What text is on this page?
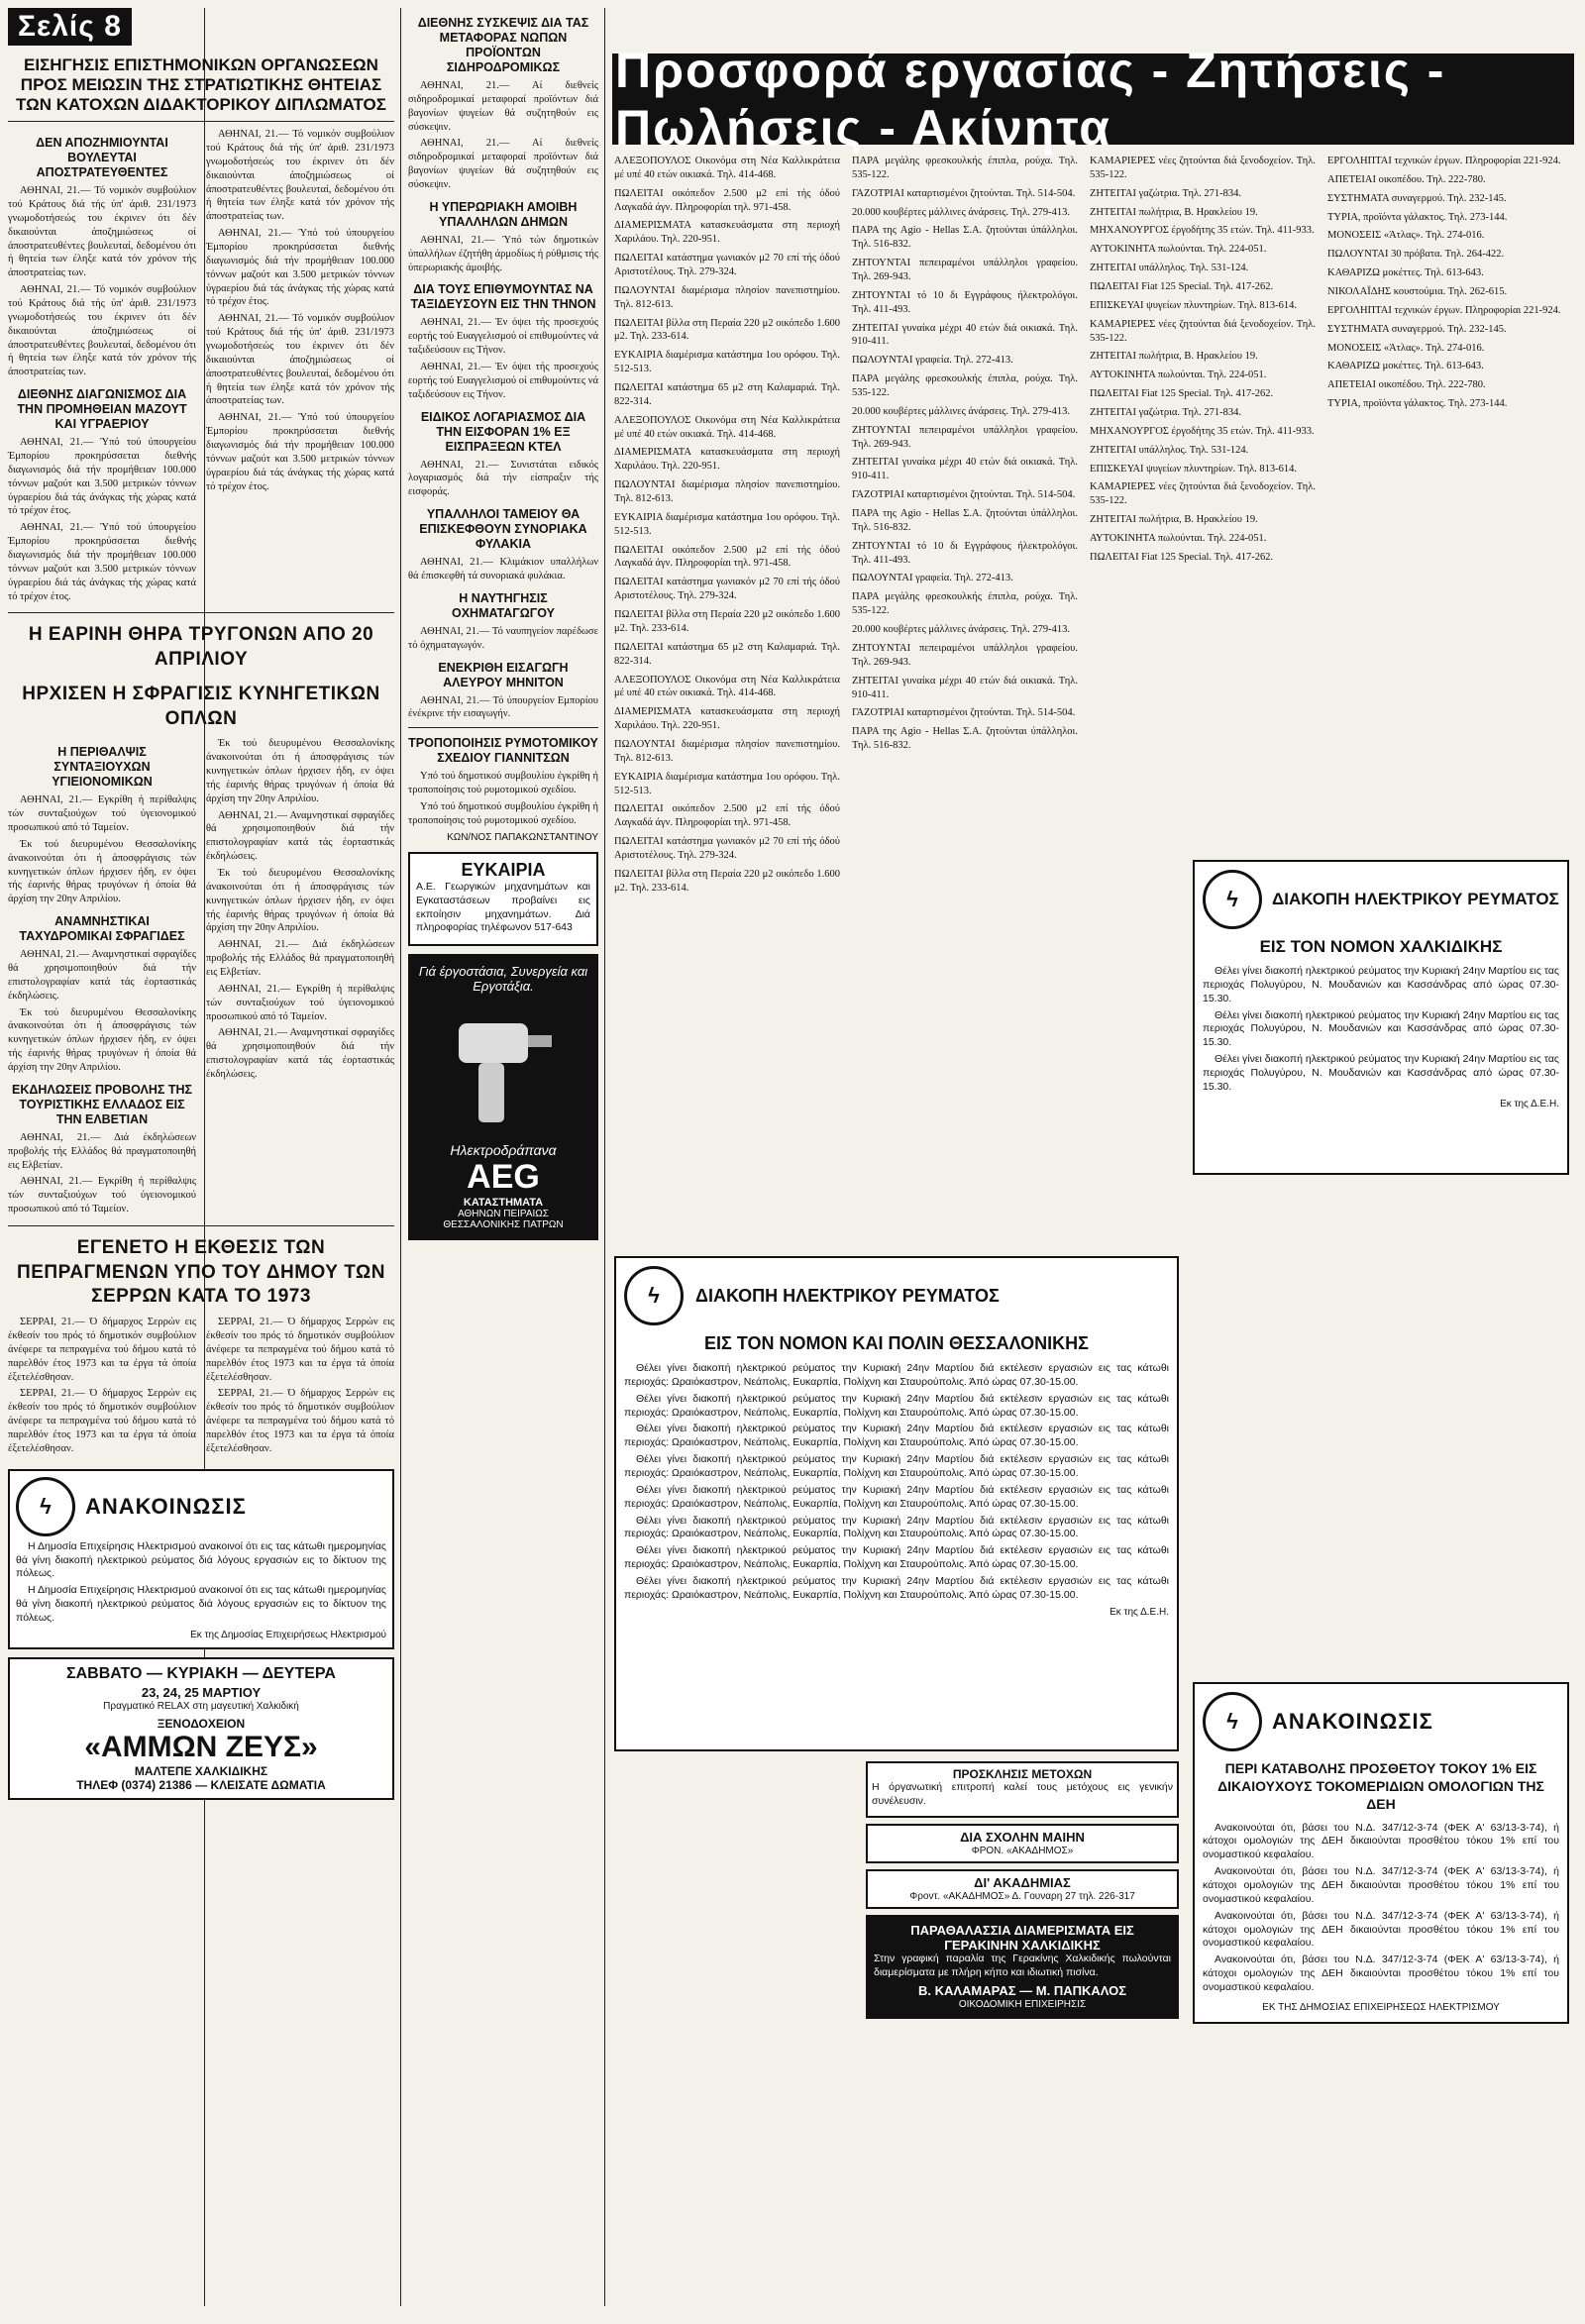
Σελίς 8
ΕΙΣΗΓΗΣΙΣ ΕΠΙΣΤΗΜΟΝΙΚΩΝ ΟΡΓΑΝΩΣΕΩΝ ΠΡΟΣ ΜΕΙΩΣΙΝ ΤΗΣ ΣΤΡΑΤΙΩΤΙΚΗΣ ΘΗΤΕΙΑΣ ΤΩΝ ΚΑΤΟΧΩΝ ΔΙΔΑΚΤΟΡΙΚΟΥ ΔΙΠΛΩΜΑΤΟΣ
ΔΕΝ ΑΠΟΖΗΜΙΟΥΝΤΑΙ ΒΟΥΛΕΥΤΑΙ ΑΠΟΣΤΡΑΤΕΥΘΕΝΤΕΣ

ΑΘΗΝΑΙ, 21.— Τό νομικόν συμβούλιον τού Κράτους διά τής ύπ' άριθ. 231/1973 γνωμοδοτήσεώς του έκρινεν ότι δέν δικαιούνται άποζημιώσεως οί άποστρατευθέντες βουλευταί, δεδομένου ότι ή θητεία των έληξε κατά τόν χρόνον τής άποστρατείας των.

ΑΘΗΝΑΙ, 21.— Τό νομικόν συμβούλιον τού Κράτους διά τής ύπ' άριθ. 231/1973 γνωμοδοτήσεώς του έκρινεν ότι δέν δικαιούνται άποζημιώσεως οί άποστρατευθέντες βουλευταί, δεδομένου ότι ή θητεία των έληξε κατά τόν χρόνον τής άποστρατείας των.

ΔΙΕΘΝΗΣ ΔΙΑΓΩΝΙΣΜΟΣ ΔΙΑ ΤΗΝ ΠΡΟΜΗΘΕΙΑΝ ΜΑΖΟΥΤ ΚΑΙ ΥΓΡΑΕΡΙΟΥ

ΑΘΗΝΑΙ, 21.— Ύπό τού ύπουργείου Έμπορίου προκηρύσσεται διεθνής διαγωνισμός διά τήν προμήθειαν 100.000 τόννων μαζούτ και 3.500 μετρικών τόννων ύγραερίου διά τάς άνάγκας τής χώρας κατά τό τρέχον έτος.

ΑΘΗΝΑΙ, 21.— Ύπό τού ύπουργείου Έμπορίου προκηρύσσεται διεθνής διαγωνισμός διά τήν προμήθειαν 100.000 τόννων μαζούτ και 3.500 μετρικών τόννων ύγραερίου διά τάς άνάγκας τής χώρας κατά τό τρέχον έτος.

ΑΘΗΝΑΙ, 21.— Τό νομικόν συμβούλιον τού Κράτους διά τής ύπ' άριθ. 231/1973 γνωμοδοτήσεώς του έκρινεν ότι δέν δικαιούνται άποζημιώσεως οί άποστρατευθέντες βουλευταί, δεδομένου ότι ή θητεία των έληξε κατά τόν χρόνον τής άποστρατείας των.

ΑΘΗΝΑΙ, 21.— Ύπό τού ύπουργείου Έμπορίου προκηρύσσεται διεθνής διαγωνισμός διά τήν προμήθειαν 100.000 τόννων μαζούτ και 3.500 μετρικών τόννων ύγραερίου διά τάς άνάγκας τής χώρας κατά τό τρέχον έτος.

ΑΘΗΝΑΙ, 21.— Τό νομικόν συμβούλιον τού Κράτους διά τής ύπ' άριθ. 231/1973 γνωμοδοτήσεώς του έκρινεν ότι δέν δικαιούνται άποζημιώσεως οί άποστρατευθέντες βουλευταί, δεδομένου ότι ή θητεία των έληξε κατά τόν χρόνον τής άποστρατείας των.

ΑΘΗΝΑΙ, 21.— Ύπό τού ύπουργείου Έμπορίου προκηρύσσεται διεθνής διαγωνισμός διά τήν προμήθειαν 100.000 τόννων μαζούτ και 3.500 μετρικών τόννων ύγραερίου διά τάς άνάγκας τής χώρας κατά τό τρέχον έτος.

Η ΕΑΡΙΝΗ ΘΗΡΑ ΤΡΥΓΟΝΩΝ ΑΠΟ 20 ΑΠΡΙΛΙΟΥ
ΗΡΧΙΣΕΝ Η ΣΦΡΑΓΙΣΙΣ ΚΥΝΗΓΕΤΙΚΩΝ ΟΠΛΩΝ
Η ΠΕΡΙΘΑΛΨΙΣ ΣΥΝΤΑΞΙΟΥΧΩΝ ΥΓΙΕΙΟΝΟΜΙΚΩΝ

ΑΘΗΝΑΙ, 21.— Εγκρίθη ή περίθαλψις τών συνταξιούχων τού ύγειονομικού προσωπικού από τό Ταμείον.

Έκ τού διευρυμένου Θεσσαλονίκης άνακοινούται ότι ή άποσφράγισις τών κυνηγετικών όπλων ήρχισεν ήδη, εν όψει τής έαρινής θήρας τρυγόνων ή όποία θά άρχίση την 20ην Απριλίου.

ΑΝΑΜΝΗΣΤΙΚΑΙ ΤΑΧΥΔΡΟΜΙΚΑΙ ΣΦΡΑΓΙΔΕΣ

ΑΘΗΝΑΙ, 21.— Αναμνηστικαί σφραγίδες θά χρησιμοποιηθούν διά τήν επιστολογραφίαν κατά τάς έορταστικάς έκδηλώσεις.

Έκ τού διευρυμένου Θεσσαλονίκης άνακοινούται ότι ή άποσφράγισις τών κυνηγετικών όπλων ήρχισεν ήδη, εν όψει τής έαρινής θήρας τρυγόνων ή όποία θά άρχίση την 20ην Απριλίου.

ΕΚΔΗΛΩΣΕΙΣ ΠΡΟΒΟΛΗΣ ΤΗΣ ΤΟΥΡΙΣΤΙΚΗΣ ΕΛΛΑΔΟΣ ΕΙΣ ΤΗΝ ΕΛΒΕΤΙΑΝ

ΑΘΗΝΑΙ, 21.— Διά έκδηλώσεων προβολής τής Ελλάδος θά πραγματοποιηθή εις Ελβετίαν.

ΑΘΗΝΑΙ, 21.— Εγκρίθη ή περίθαλψις τών συνταξιούχων τού ύγειονομικού προσωπικού από τό Ταμείον.

Έκ τού διευρυμένου Θεσσαλονίκης άνακοινούται ότι ή άποσφράγισις τών κυνηγετικών όπλων ήρχισεν ήδη, εν όψει τής έαρινής θήρας τρυγόνων ή όποία θά άρχίση την 20ην Απριλίου.

ΑΘΗΝΑΙ, 21.— Αναμνηστικαί σφραγίδες θά χρησιμοποιηθούν διά τήν επιστολογραφίαν κατά τάς έορταστικάς έκδηλώσεις.

Έκ τού διευρυμένου Θεσσαλονίκης άνακοινούται ότι ή άποσφράγισις τών κυνηγετικών όπλων ήρχισεν ήδη, εν όψει τής έαρινής θήρας τρυγόνων ή όποία θά άρχίση την 20ην Απριλίου.

ΑΘΗΝΑΙ, 21.— Διά έκδηλώσεων προβολής τής Ελλάδος θά πραγματοποιηθή εις Ελβετίαν.

ΑΘΗΝΑΙ, 21.— Εγκρίθη ή περίθαλψις τών συνταξιούχων τού ύγειονομικού προσωπικού από τό Ταμείον.

ΑΘΗΝΑΙ, 21.— Αναμνηστικαί σφραγίδες θά χρησιμοποιηθούν διά τήν επιστολογραφίαν κατά τάς έορταστικάς έκδηλώσεις.

ΕΓΕΝΕΤΟ Η ΕΚΘΕΣΙΣ ΤΩΝ ΠΕΠΡΑΓΜΕΝΩΝ ΥΠΟ ΤΟΥ ΔΗΜΟΥ ΤΩΝ ΣΕΡΡΩΝ ΚΑΤΑ ΤΟ 1973

ΣΕΡΡΑΙ, 21.— Ό δήμαρχος Σερρών εις έκθεσίν του πρός τό δημοτικόν συμβούλιον άνέφερε τα πεπραγμένα τού δήμου κατά τό παρελθόν έτος 1973 και τα έργα τά όποία έξετελέσθησαν.

ΣΕΡΡΑΙ, 21.— Ό δήμαρχος Σερρών εις έκθεσίν του πρός τό δημοτικόν συμβούλιον άνέφερε τα πεπραγμένα τού δήμου κατά τό παρελθόν έτος 1973 και τα έργα τά όποία έξετελέσθησαν.

ΣΕΡΡΑΙ, 21.— Ό δήμαρχος Σερρών εις έκθεσίν του πρός τό δημοτικόν συμβούλιον άνέφερε τα πεπραγμένα τού δήμου κατά τό παρελθόν έτος 1973 και τα έργα τά όποία έξετελέσθησαν.

ΣΕΡΡΑΙ, 21.— Ό δήμαρχος Σερρών εις έκθεσίν του πρός τό δημοτικόν συμβούλιον άνέφερε τα πεπραγμένα τού δήμου κατά τό παρελθόν έτος 1973 και τα έργα τά όποία έξετελέσθησαν.

ϟ ΑΝΑΚΟΙΝΩΣΙΣ

Η Δημοσία Επιχείρησις Ηλεκτρισμού ανακοινοί ότι εις τας κάτωθι ημερομηνίας θά γίνη διακοπή ηλεκτρικού ρεύματος διά λόγους εργασιών εις το δίκτυον της πόλεως.

Η Δημοσία Επιχείρησις Ηλεκτρισμού ανακοινοί ότι εις τας κάτωθι ημερομηνίας θά γίνη διακοπή ηλεκτρικού ρεύματος διά λόγους εργασιών εις το δίκτυον της πόλεως.

Εκ της Δημοσίας Επιχειρήσεως Ηλεκτρισμού
ΣΑΒΒΑΤΟ — ΚΥΡΙΑΚΗ — ΔΕΥΤΕΡΑ
23, 24, 25 ΜΑΡΤΙΟΥ
Πραγματικό RELAX στη μαγευτική Χαλκιδική
ΞΕΝΟΔΟΧΕΙΟΝ
«ΑΜΜΩΝ ΖΕΥΣ»
ΜΑΛΤΕΠΕ ΧΑΛΚΙΔΙΚΗΣ
ΤΗΛΕΦ (0374) 21386 — ΚΛΕΙΣΑΤΕ ΔΩΜΑΤΙΑ
ΔΙΕΘΝΗΣ ΣΥΣΚΕΨΙΣ ΔΙΑ ΤΑΣ ΜΕΤΑΦΟΡΑΣ ΝΩΠΩΝ ΠΡΟΪΟΝΤΩΝ ΣΙΔΗΡΟΔΡΟΜΙΚΩΣ

ΑΘΗΝΑΙ, 21.— Αί διεθνείς σιδηροδρομικαί μεταφοραί προϊόντων διά βαγονίων ψυγείων θά συζητηθούν εις σύσκεψιν.

ΑΘΗΝΑΙ, 21.— Αί διεθνείς σιδηροδρομικαί μεταφοραί προϊόντων διά βαγονίων ψυγείων θά συζητηθούν εις σύσκεψιν.

Η ΥΠΕΡΩΡΙΑΚΗ ΑΜΟΙΒΗ ΥΠΑΛΛΗΛΩΝ ΔΗΜΩΝ

ΑΘΗΝΑΙ, 21.— Ύπό τών δημοτικών ύπαλλήλων έζητήθη άρμοδίως ή ρύθμισις τής ύπερωριακής άμοιβής.

ΔΙΑ ΤΟΥΣ ΕΠΙΘΥΜΟΥΝΤΑΣ ΝΑ ΤΑΞΙΔΕΥΣΟΥΝ ΕΙΣ ΤΗΝ ΤΗΝΟΝ

ΑΘΗΝΑΙ, 21.— Έν όψει τής προσεχούς εορτής τού Ευαγγελισμού οί επιθυμούντες νά ταξιδεύσουν εις Τήνον.

ΑΘΗΝΑΙ, 21.— Έν όψει τής προσεχούς εορτής τού Ευαγγελισμού οί επιθυμούντες νά ταξιδεύσουν εις Τήνον.

ΕΙΔΙΚΟΣ ΛΟΓΑΡΙΑΣΜΟΣ ΔΙΑ ΤΗΝ ΕΙΣΦΟΡΑΝ 1% ΕΞ ΕΙΣΠΡΑΞΕΩΝ ΚΤΕΛ

ΑΘΗΝΑΙ, 21.— Συνιστάται ειδικός λογαριασμός διά τήν είσπραξιν τής εισφοράς.

ΥΠΑΛΛΗΛΟΙ ΤΑΜΕΙΟΥ ΘΑ ΕΠΙΣΚΕΦΘΟΥΝ ΣΥΝΟΡΙΑΚΑ ΦΥΛΑΚΙΑ

ΑΘΗΝΑΙ, 21.— Κλιμάκιον υπαλλήλων θά έπισκεφθή τά συνοριακά φυλάκια.

Η ΝΑΥΤΗΓΗΣΙΣ ΟΧΗΜΑΤΑΓΩΓΟΥ

ΑΘΗΝΑΙ, 21.— Τό ναυπηγείον παρέδωσε τό όχηματαγωγόν.

ΕΝΕΚΡΙΘΗ ΕΙΣΑΓΩΓΗ ΑΛΕΥΡΟΥ ΜΗΝΙΤΟΝ

ΑΘΗΝΑΙ, 21.— Τό ύπουργείον Εμπορίου ένέκρινε τήν εισαγωγήν.

ΤΡΟΠΟΠΟΙΗΣΙΣ ΡΥΜΟΤΟΜΙΚΟΥ ΣΧΕΔΙΟΥ ΓΙΑΝΝΙΤΣΩΝ

Υπό τού δημοτικού συμβουλίου έγκρίθη ή τροποποίησις τού ρυμοτομικού σχεδίου.

Υπό τού δημοτικού συμβουλίου έγκρίθη ή τροποποίησις τού ρυμοτομικού σχεδίου.

ΚΩΝ/ΝΟΣ ΠΑΠΑΚΩΝΣΤΑΝΤΙΝΟΥ
ΕΥΚΑΙΡΙΑ

Α.Ε. Γεωργικών μηχανημάτων και Εγκαταστάσεων προβαίνει εις εκποίησιν μηχανημάτων. Διά πληροφορίας τηλέφωνον 517-643

Γιά έργοστάσια, Συνεργεία και Εργοτάξια.
Ηλεκτροδράπανα
AEG
ΚΑΤΑΣΤΗΜΑΤΑ
ΑΘΗΝΩΝ ΠΕΙΡΑΙΩΣ ΘΕΣΣΑΛΟΝΙΚΗΣ ΠΑΤΡΩΝ
Προσφορά εργασίας - Ζητήσεις - Πωλήσεις - Ακίνητα

ΑΛΕΞΟΠΟΥΛΟΣ Οικονόμα στη Νέα Καλλικράτεια μέ υπέ 40 ετών οικιακά. Τηλ. 414-468.

ΠΩΛΕΙΤΑΙ οικόπεδον 2.500 μ2 επί τής όδού Λαγκαδά άγν. Πληροφορίαι τηλ. 971-458.

ΔΙΑΜΕΡΙΣΜΑΤΑ κατασκευάσματα στη περιοχή Χαριλάου. Τηλ. 220-951.

ΠΩΛΕΙΤΑΙ κατάστημα γωνιακόν μ2 70 επί τής όδού Αριστοτέλους. Τηλ. 279-324.

ΠΩΛΟΥΝΤΑΙ διαμέρισμα πλησίον πανεπιστημίου. Τηλ. 812-613.

ΠΩΛΕΙΤΑΙ βίλλα στη Περαία 220 μ2 οικόπεδο 1.600 μ2. Τηλ. 233-614.

ΕΥΚΑΙΡΙΑ διαμέρισμα κατάστημα 1ου ορόφου. Τηλ. 512-513.

ΠΩΛΕΙΤΑΙ κατάστημα 65 μ2 στη Καλαμαριά. Τηλ. 822-314.

ΑΛΕΞΟΠΟΥΛΟΣ Οικονόμα στη Νέα Καλλικράτεια μέ υπέ 40 ετών οικιακά. Τηλ. 414-468.

ΔΙΑΜΕΡΙΣΜΑΤΑ κατασκευάσματα στη περιοχή Χαριλάου. Τηλ. 220-951.

ΠΩΛΟΥΝΤΑΙ διαμέρισμα πλησίον πανεπιστημίου. Τηλ. 812-613.

ΕΥΚΑΙΡΙΑ διαμέρισμα κατάστημα 1ου ορόφου. Τηλ. 512-513.

ΠΩΛΕΙΤΑΙ οικόπεδον 2.500 μ2 επί τής όδού Λαγκαδά άγν. Πληροφορίαι τηλ. 971-458.

ΠΩΛΕΙΤΑΙ κατάστημα γωνιακόν μ2 70 επί τής όδού Αριστοτέλους. Τηλ. 279-324.

ΠΩΛΕΙΤΑΙ βίλλα στη Περαία 220 μ2 οικόπεδο 1.600 μ2. Τηλ. 233-614.

ΠΩΛΕΙΤΑΙ κατάστημα 65 μ2 στη Καλαμαριά. Τηλ. 822-314.

ΑΛΕΞΟΠΟΥΛΟΣ Οικονόμα στη Νέα Καλλικράτεια μέ υπέ 40 ετών οικιακά. Τηλ. 414-468.

ΔΙΑΜΕΡΙΣΜΑΤΑ κατασκευάσματα στη περιοχή Χαριλάου. Τηλ. 220-951.

ΠΩΛΟΥΝΤΑΙ διαμέρισμα πλησίον πανεπιστημίου. Τηλ. 812-613.

ΕΥΚΑΙΡΙΑ διαμέρισμα κατάστημα 1ου ορόφου. Τηλ. 512-513.

ΠΩΛΕΙΤΑΙ οικόπεδον 2.500 μ2 επί τής όδού Λαγκαδά άγν. Πληροφορίαι τηλ. 971-458.

ΠΩΛΕΙΤΑΙ κατάστημα γωνιακόν μ2 70 επί τής όδού Αριστοτέλους. Τηλ. 279-324.

ΠΩΛΕΙΤΑΙ βίλλα στη Περαία 220 μ2 οικόπεδο 1.600 μ2. Τηλ. 233-614.

ΠΑΡΑ μεγάλης φρεσκουλκής έπιπλα, ρούχα. Τηλ. 535-122.

ΓΑΖΟΤΡΙΑΙ καταρτισμένοι ζητούνται. Τηλ. 514-504.

20.000 κουβέρτες μάλλινες άνάρσεις. Τηλ. 279-413.

ΠΑΡΑ της Agio - Hellas Σ.Α. ζητούνται ύπάλληλοι. Τηλ. 516-832.

ΖΗΤΟΥΝΤΑΙ πεπειραμένοι υπάλληλοι γραφείου. Τηλ. 269-943.

ΖΗΤΟΥΝΤΑΙ τό 10 δι Εγγράφους ήλεκτρολόγοι. Τηλ. 411-493.

ΖΗΤΕΙΤΑΙ γυναίκα μέχρι 40 ετών διά οικιακά. Τηλ. 910-411.

ΠΩΛΟΥΝΤΑΙ γραφεία. Τηλ. 272-413.

ΠΑΡΑ μεγάλης φρεσκουλκής έπιπλα, ρούχα. Τηλ. 535-122.

20.000 κουβέρτες μάλλινες άνάρσεις. Τηλ. 279-413.

ΖΗΤΟΥΝΤΑΙ πεπειραμένοι υπάλληλοι γραφείου. Τηλ. 269-943.

ΖΗΤΕΙΤΑΙ γυναίκα μέχρι 40 ετών διά οικιακά. Τηλ. 910-411.

ΓΑΖΟΤΡΙΑΙ καταρτισμένοι ζητούνται. Τηλ. 514-504.

ΠΑΡΑ της Agio - Hellas Σ.Α. ζητούνται ύπάλληλοι. Τηλ. 516-832.

ΖΗΤΟΥΝΤΑΙ τό 10 δι Εγγράφους ήλεκτρολόγοι. Τηλ. 411-493.

ΠΩΛΟΥΝΤΑΙ γραφεία. Τηλ. 272-413.

ΠΑΡΑ μεγάλης φρεσκουλκής έπιπλα, ρούχα. Τηλ. 535-122.

20.000 κουβέρτες μάλλινες άνάρσεις. Τηλ. 279-413.

ΖΗΤΟΥΝΤΑΙ πεπειραμένοι υπάλληλοι γραφείου. Τηλ. 269-943.

ΖΗΤΕΙΤΑΙ γυναίκα μέχρι 40 ετών διά οικιακά. Τηλ. 910-411.

ΓΑΖΟΤΡΙΑΙ καταρτισμένοι ζητούνται. Τηλ. 514-504.

ΠΑΡΑ της Agio - Hellas Σ.Α. ζητούνται ύπάλληλοι. Τηλ. 516-832.

ΚΑΜΑΡΙΕΡΕΣ νέες ζητούνται διά ξενοδοχείον. Τηλ. 535-122.

ΖΗΤΕΙΤΑΙ γαζώτρια. Τηλ. 271-834.

ΖΗΤΕΙΤΑΙ πωλήτρια, Β. Ηρακλείου 19.

ΜΗΧΑΝΟΥΡΓΟΣ έργοδήτης 35 ετών. Τηλ. 411-933.

ΑΥΤΟΚΙΝΗΤΑ πωλούνται. Τηλ. 224-051.

ΖΗΤΕΙΤΑΙ υπάλληλος. Τηλ. 531-124.

ΠΩΛΕΙΤΑΙ Fiat 125 Special. Τηλ. 417-262.

ΕΠΙΣΚΕΥΑΙ ψυγείων πλυντηρίων. Τηλ. 813-614.

ΚΑΜΑΡΙΕΡΕΣ νέες ζητούνται διά ξενοδοχείον. Τηλ. 535-122.

ΖΗΤΕΙΤΑΙ πωλήτρια, Β. Ηρακλείου 19.

ΑΥΤΟΚΙΝΗΤΑ πωλούνται. Τηλ. 224-051.

ΠΩΛΕΙΤΑΙ Fiat 125 Special. Τηλ. 417-262.

ΖΗΤΕΙΤΑΙ γαζώτρια. Τηλ. 271-834.

ΜΗΧΑΝΟΥΡΓΟΣ έργοδήτης 35 ετών. Τηλ. 411-933.

ΖΗΤΕΙΤΑΙ υπάλληλος. Τηλ. 531-124.

ΕΠΙΣΚΕΥΑΙ ψυγείων πλυντηρίων. Τηλ. 813-614.

ΚΑΜΑΡΙΕΡΕΣ νέες ζητούνται διά ξενοδοχείον. Τηλ. 535-122.

ΖΗΤΕΙΤΑΙ πωλήτρια, Β. Ηρακλείου 19.

ΑΥΤΟΚΙΝΗΤΑ πωλούνται. Τηλ. 224-051.

ΠΩΛΕΙΤΑΙ Fiat 125 Special. Τηλ. 417-262.

ΕΡΓΟΛΗΠΤΑΙ τεχνικών έργων. Πληροφορίαι 221-924.

ΑΠΕΤΕΙΑΙ οικοπέδου. Τηλ. 222-780.

ΣΥΣΤΗΜΑΤΑ συναγερμού. Τηλ. 232-145.

ΤΥΡΙΑ, προϊόντα γάλακτος. Τηλ. 273-144.

ΜΟΝΟΣΕΙΣ «Άτλας». Τηλ. 274-016.

ΠΩΛΟΥΝΤΑΙ 30 πρόβατα. Τηλ. 264-422.

ΚΑΘΑΡΙΖΩ μοκέττες. Τηλ. 613-643.

ΝΙΚΟΛΑΪΔΗΣ κουστούμια. Τηλ. 262-615.

ΕΡΓΟΛΗΠΤΑΙ τεχνικών έργων. Πληροφορίαι 221-924.

ΣΥΣΤΗΜΑΤΑ συναγερμού. Τηλ. 232-145.

ΜΟΝΟΣΕΙΣ «Άτλας». Τηλ. 274-016.

ΚΑΘΑΡΙΖΩ μοκέττες. Τηλ. 613-643.

ΑΠΕΤΕΙΑΙ οικοπέδου. Τηλ. 222-780.

ΤΥΡΙΑ, προϊόντα γάλακτος. Τηλ. 273-144.

ϟ ΔΙΑΚΟΠΗ ΗΛΕΚΤΡΙΚΟΥ ΡΕΥΜΑΤΟΣ
ΕΙΣ ΤΟΝ ΝΟΜΟΝ ΧΑΛΚΙΔΙΚΗΣ

Θέλει γίνει διακοπή ηλεκτρικού ρεύματος την Κυριακή 24ην Μαρτίου εις τας περιοχάς Πολυγύρου, Ν. Μουδανιών και Κασσάνδρας από ώρας 07.30-15.30.

Θέλει γίνει διακοπή ηλεκτρικού ρεύματος την Κυριακή 24ην Μαρτίου εις τας περιοχάς Πολυγύρου, Ν. Μουδανιών και Κασσάνδρας από ώρας 07.30-15.30.

Θέλει γίνει διακοπή ηλεκτρικού ρεύματος την Κυριακή 24ην Μαρτίου εις τας περιοχάς Πολυγύρου, Ν. Μουδανιών και Κασσάνδρας από ώρας 07.30-15.30.

Εκ της Δ.Ε.Η.
ϟ ΔΙΑΚΟΠΗ ΗΛΕΚΤΡΙΚΟΥ ΡΕΥΜΑΤΟΣ
ΕΙΣ ΤΟΝ ΝΟΜΟΝ ΚΑΙ ΠΟΛΙΝ ΘΕΣΣΑΛΟΝΙΚΗΣ

Θέλει γίνει διακοπή ηλεκτρικού ρεύματος την Κυριακή 24ην Μαρτίου διά εκτέλεσιν εργασιών εις τας κάτωθι περιοχάς: Ωραιόκαστρον, Νεάπολις, Ευκαρπία, Πολίχνη και Σταυρούπολις. Άπό ώρας 07.30-15.00.

Θέλει γίνει διακοπή ηλεκτρικού ρεύματος την Κυριακή 24ην Μαρτίου διά εκτέλεσιν εργασιών εις τας κάτωθι περιοχάς: Ωραιόκαστρον, Νεάπολις, Ευκαρπία, Πολίχνη και Σταυρούπολις. Άπό ώρας 07.30-15.00.

Θέλει γίνει διακοπή ηλεκτρικού ρεύματος την Κυριακή 24ην Μαρτίου διά εκτέλεσιν εργασιών εις τας κάτωθι περιοχάς: Ωραιόκαστρον, Νεάπολις, Ευκαρπία, Πολίχνη και Σταυρούπολις. Άπό ώρας 07.30-15.00.

Θέλει γίνει διακοπή ηλεκτρικού ρεύματος την Κυριακή 24ην Μαρτίου διά εκτέλεσιν εργασιών εις τας κάτωθι περιοχάς: Ωραιόκαστρον, Νεάπολις, Ευκαρπία, Πολίχνη και Σταυρούπολις. Άπό ώρας 07.30-15.00.

Θέλει γίνει διακοπή ηλεκτρικού ρεύματος την Κυριακή 24ην Μαρτίου διά εκτέλεσιν εργασιών εις τας κάτωθι περιοχάς: Ωραιόκαστρον, Νεάπολις, Ευκαρπία, Πολίχνη και Σταυρούπολις. Άπό ώρας 07.30-15.00.

Θέλει γίνει διακοπή ηλεκτρικού ρεύματος την Κυριακή 24ην Μαρτίου διά εκτέλεσιν εργασιών εις τας κάτωθι περιοχάς: Ωραιόκαστρον, Νεάπολις, Ευκαρπία, Πολίχνη και Σταυρούπολις. Άπό ώρας 07.30-15.00.

Θέλει γίνει διακοπή ηλεκτρικού ρεύματος την Κυριακή 24ην Μαρτίου διά εκτέλεσιν εργασιών εις τας κάτωθι περιοχάς: Ωραιόκαστρον, Νεάπολις, Ευκαρπία, Πολίχνη και Σταυρούπολις. Άπό ώρας 07.30-15.00.

Θέλει γίνει διακοπή ηλεκτρικού ρεύματος την Κυριακή 24ην Μαρτίου διά εκτέλεσιν εργασιών εις τας κάτωθι περιοχάς: Ωραιόκαστρον, Νεάπολις, Ευκαρπία, Πολίχνη και Σταυρούπολις. Άπό ώρας 07.30-15.00.

Εκ της Δ.Ε.Η.
ϟ ΑΝΑΚΟΙΝΩΣΙΣ
ΠΕΡΙ ΚΑΤΑΒΟΛΗΣ ΠΡΟΣΘΕΤΟΥ ΤΟΚΟΥ 1% ΕΙΣ ΔΙΚΑΙΟΥΧΟΥΣ ΤΟΚΟΜΕΡΙΔΙΩΝ ΟΜΟΛΟΓΙΩΝ ΤΗΣ ΔΕΗ

Ανακοινούται ότι, βάσει του Ν.Δ. 347/12-3-74 (ΦΕΚ Α' 63/13-3-74), ή κάτοχοι ομολογιών της ΔΕΗ δικαιούνται προσθέτου τόκου 1% επί του ονομαστικού κεφαλαίου.

Ανακοινούται ότι, βάσει του Ν.Δ. 347/12-3-74 (ΦΕΚ Α' 63/13-3-74), ή κάτοχοι ομολογιών της ΔΕΗ δικαιούνται προσθέτου τόκου 1% επί του ονομαστικού κεφαλαίου.

Ανακοινούται ότι, βάσει του Ν.Δ. 347/12-3-74 (ΦΕΚ Α' 63/13-3-74), ή κάτοχοι ομολογιών της ΔΕΗ δικαιούνται προσθέτου τόκου 1% επί του ονομαστικού κεφαλαίου.

Ανακοινούται ότι, βάσει του Ν.Δ. 347/12-3-74 (ΦΕΚ Α' 63/13-3-74), ή κάτοχοι ομολογιών της ΔΕΗ δικαιούνται προσθέτου τόκου 1% επί του ονομαστικού κεφαλαίου.

ΕΚ ΤΗΣ ΔΗΜΟΣΙΑΣ ΕΠΙΧΕΙΡΗΣΕΩΣ ΗΛΕΚΤΡΙΣΜΟΥ
ΠΡΟΣΚΛΗΣΙΣ ΜΕΤΟΧΩΝ

Η όργανωτική επιτροπή καλεί τους μετόχους εις γενικήν συνέλευσιν.

ΔΙΑ ΣΧΟΛΗΝ ΜΑΙΗΝ
ΦΡΟΝ. «ΑΚΑΔΗΜΟΣ»
ΔΙ' ΑΚΑΔΗΜΙΑΣ
Φροντ. «ΑΚΑΔΗΜΟΣ» Δ. Γουναρη 27 τηλ. 226-317
ΠΑΡΑΘΑΛΑΣΣΙΑ ΔΙΑΜΕΡΙΣΜΑΤΑ ΕΙΣ ΓΕΡΑΚΙΝΗΝ ΧΑΛΚΙΔΙΚΗΣ

Στην γραφική παραλία της Γερακίνης Χαλκιδικής πωλούνται διαμερίσματα με πλήρη κήπο και ιδιωτική πισίνα.

Β. ΚΑΛΑΜΑΡΑΣ — Μ. ΠΑΠΚΑΛΟΣ
ΟΙΚΟΔΟΜΙΚΗ ΕΠΙΧΕΙΡΗΣΙΣ
